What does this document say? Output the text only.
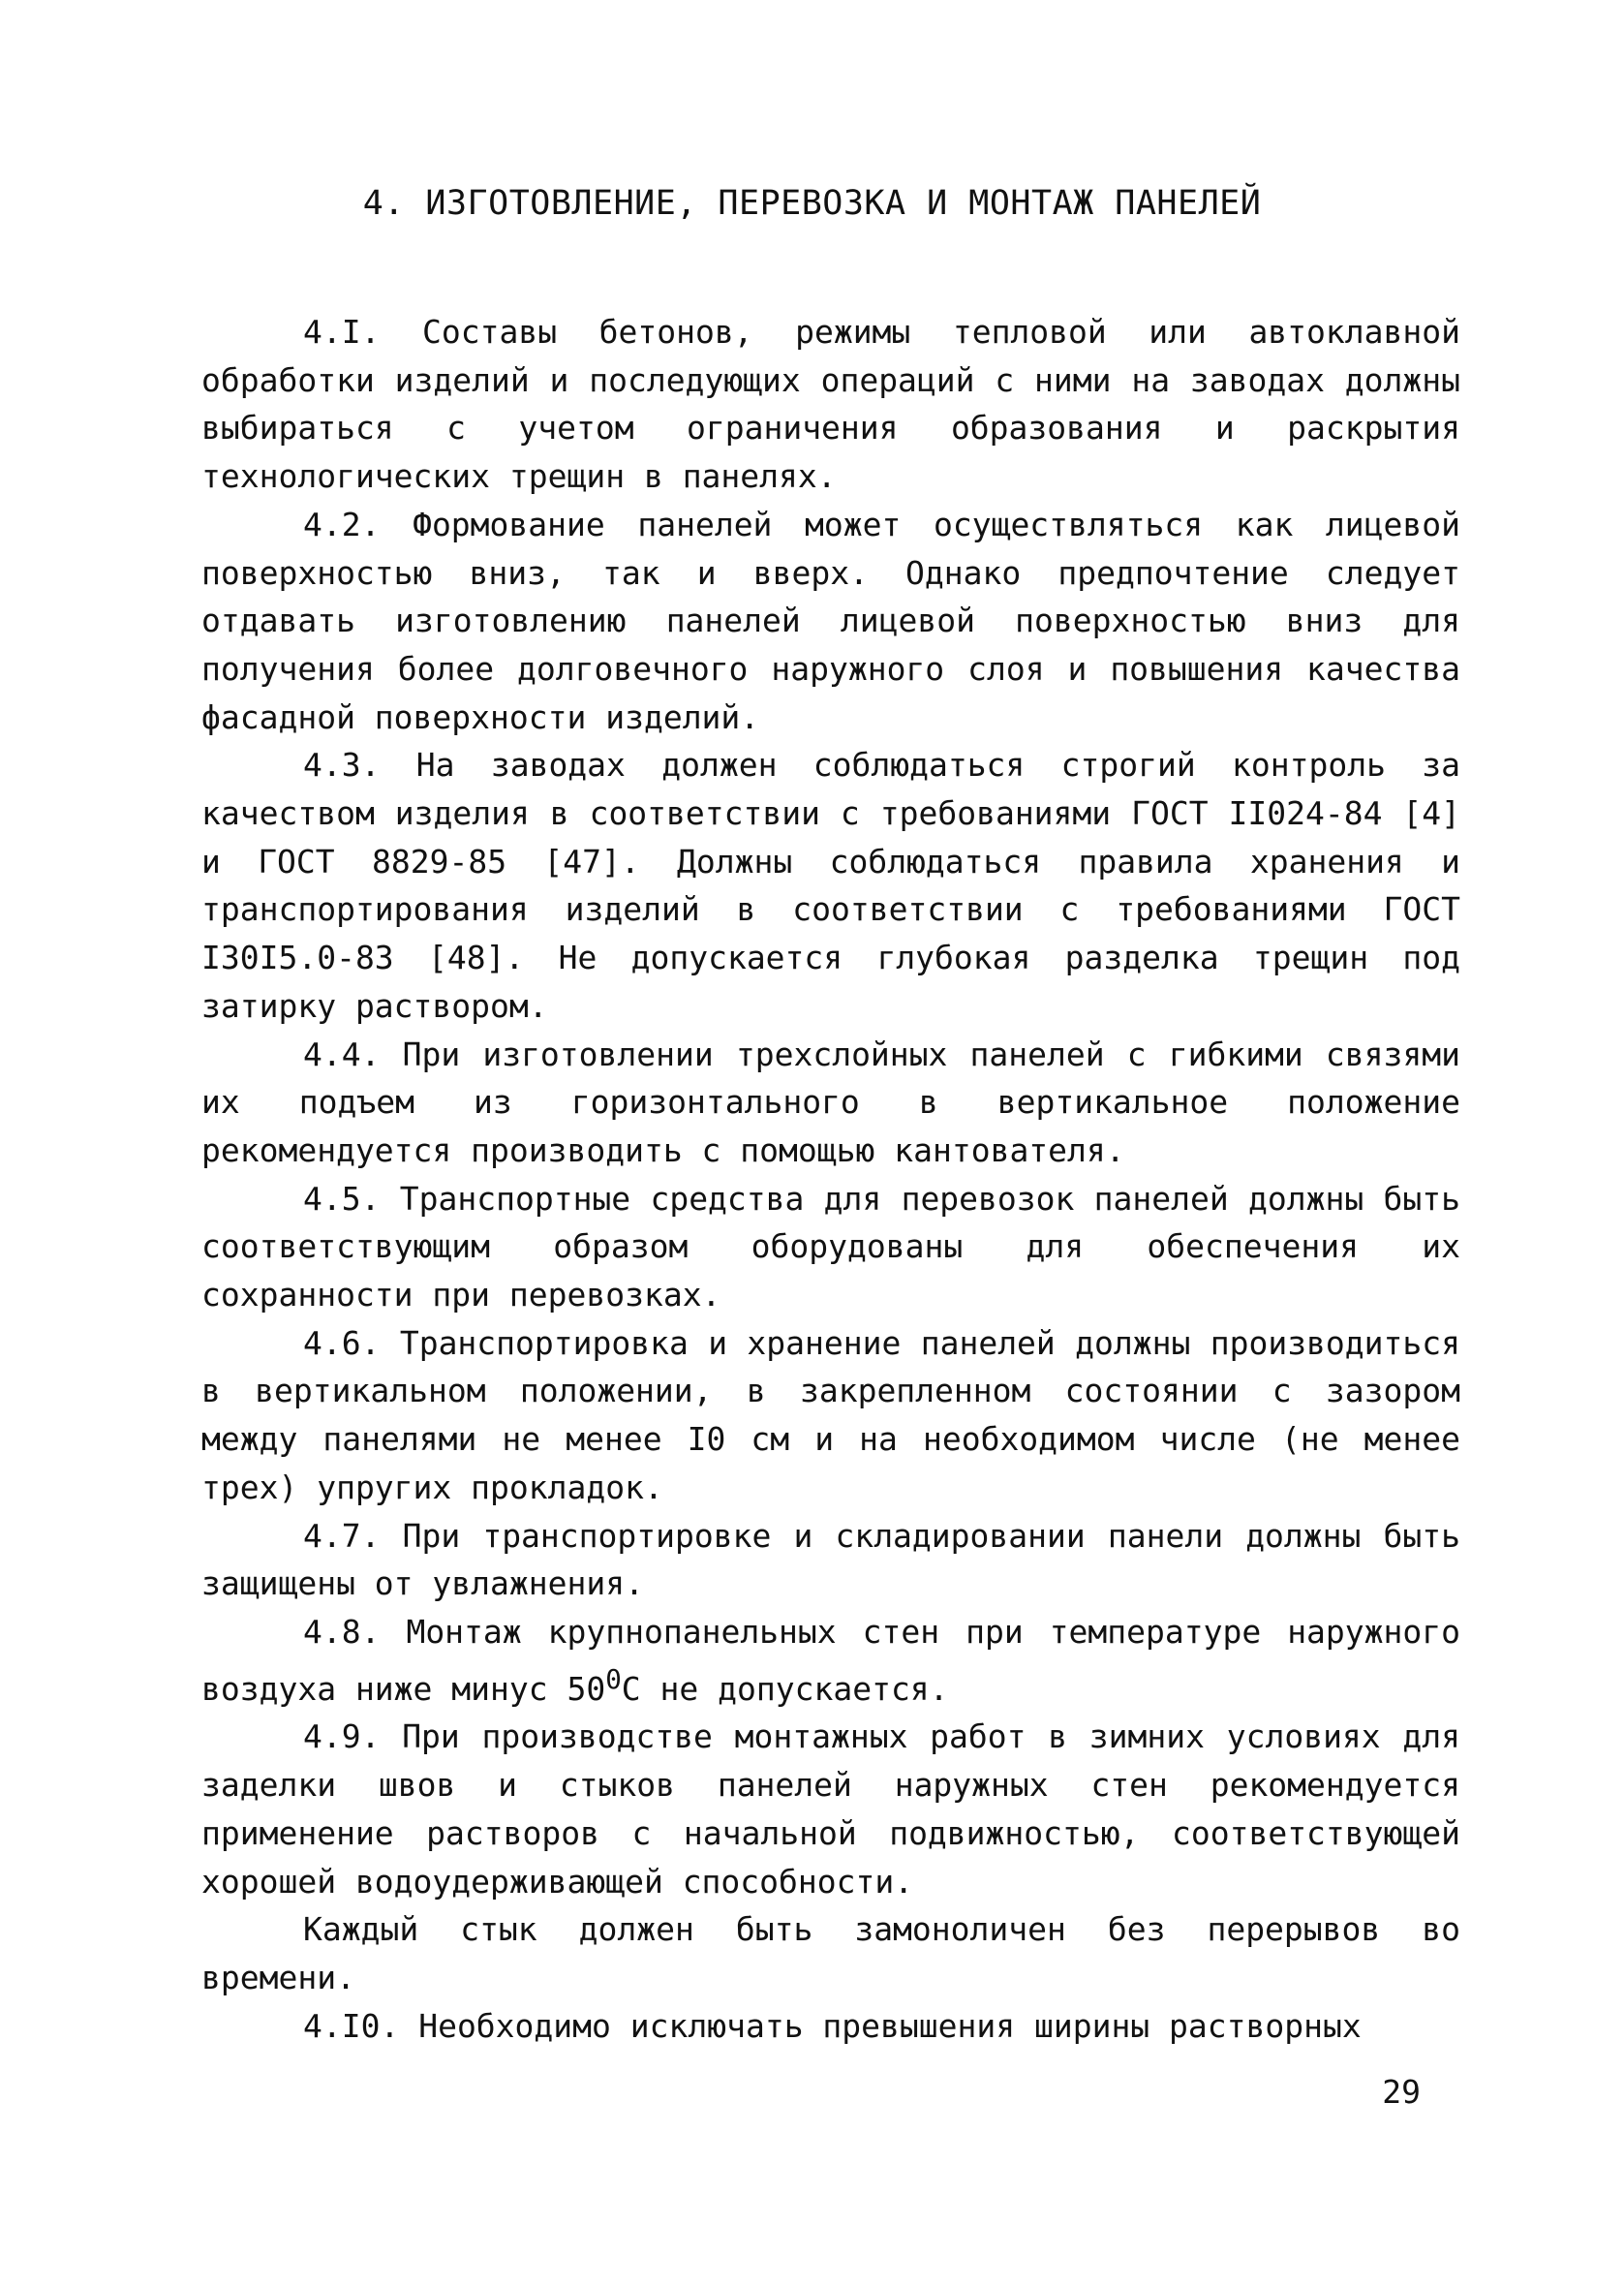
4. ИЗГОТОВЛЕНИЕ, ПЕРЕВОЗКА И МОНТАЖ ПАНЕЛЕЙ

4.I. Составы бетонов, режимы тепловой или автоклавной обработки изделий и последующих операций с ними на заводах должны выбираться с учетом ограничения образования и раскрытия технологических трещин в панелях.

4.2. Формование панелей может осуществляться как лицевой поверхностью вниз, так и вверх. Однако предпочтение следует отдавать изготовлению панелей лицевой поверхностью вниз для получения более долговечного наружного слоя и повышения качества фасадной поверхности изделий.

4.3. На заводах должен соблюдаться строгий контроль за качеством изделия в соответствии с требованиями ГОСТ II024-84 [4] и ГОСТ 8829-85 [47]. Должны соблюдаться правила хранения и транспортирования изделий в соответствии с требованиями ГОСТ I30I5.0-83 [48]. Не допускается глубокая разделка трещин под затирку раствором.

4.4. При изготовлении трехслойных панелей с гибкими связями их подъем из горизонтального в вертикальное положение рекомендуется производить с помощью кантователя.

4.5. Транспортные средства для перевозок панелей должны быть соответствующим образом оборудованы для обеспечения их сохранности при перевозках.

4.6. Транспортировка и хранение панелей должны производиться в вертикальном положении, в закрепленном состоянии с зазором между панелями не менее I0 см и на необходимом числе (не менее трех) упругих прокладок.

4.7. При транспортировке и складировании панели должны быть защищены от увлажнения.

4.8. Монтаж крупнопанельных стен при температуре наружного воздуха ниже минус $50^0С$ не допускается.

4.9. При производстве монтажных работ в зимних условиях для заделки швов и стыков панелей наружных стен рекомендуется применение растворов с начальной подвижностью, соответствующей хорошей водоудерживающей способности.

Каждый стык должен быть замоноличен без перерывов во времени.

4.I0. Необходимо исключать превышения ширины растворных

29
